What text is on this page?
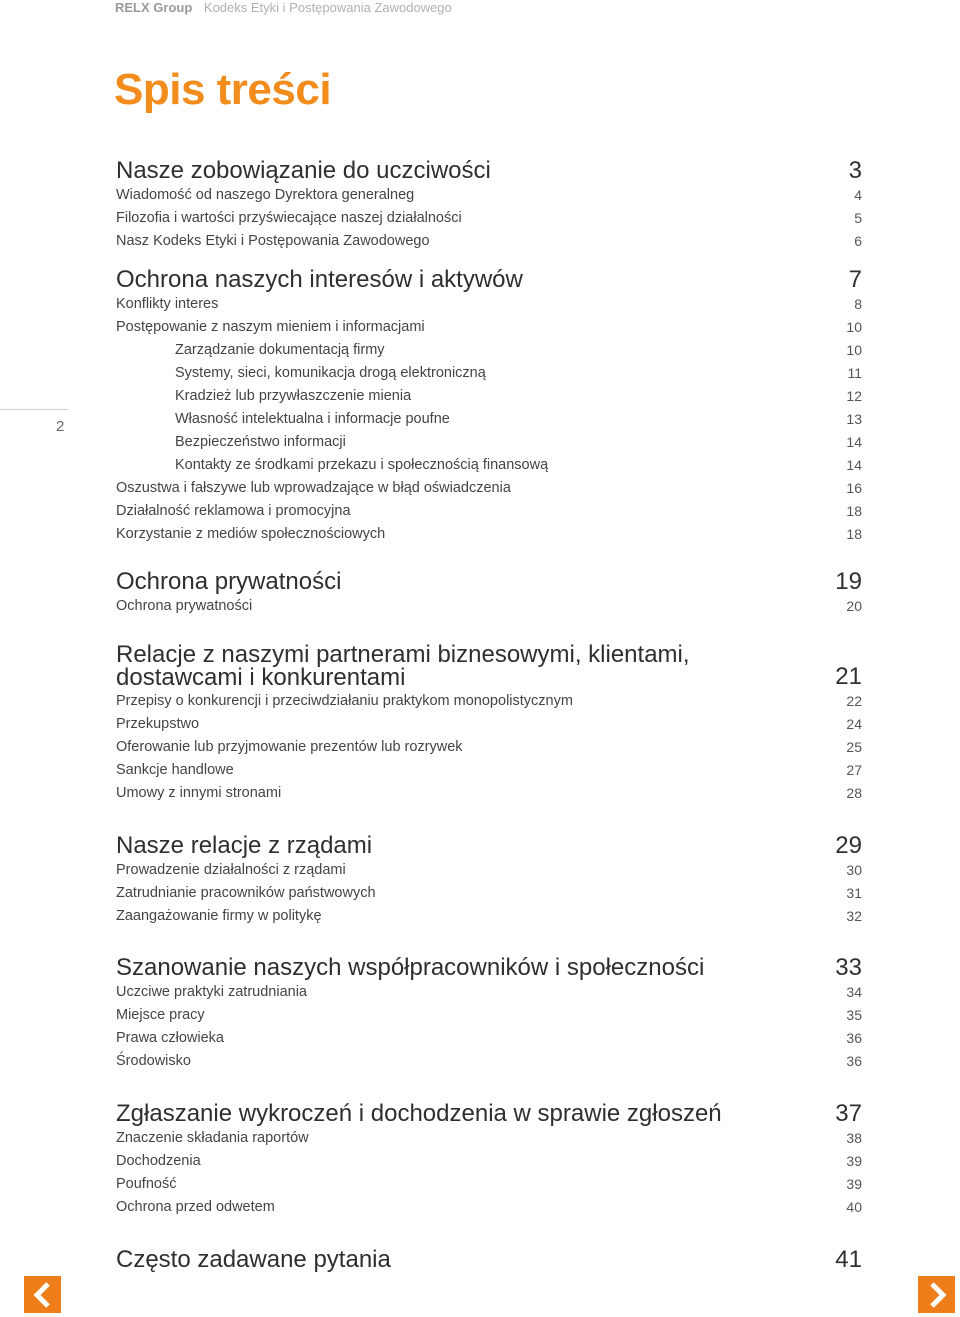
RELX Group Kodeks Etyki i Postępowania Zawodowego
Spis treści
2
Nasze zobowiązanie do uczciwości	3
Wiadomość od naszego Dyrektora generalneg	4
Filozofia i wartości przyświecające naszej działalności	5
Nasz Kodeks Etyki i Postępowania Zawodowego	6
Ochrona naszych interesów i aktywów	7
Konflikty interes	8
Postępowanie z naszym mieniem i informacjami	10
Zarządzanie dokumentacją firmy	10
Systemy, sieci, komunikacja drogą elektroniczną	11
Kradzież lub przywłaszczenie mienia	12
Własność intelektualna i informacje poufne	13
Bezpieczeństwo informacji	14
Kontakty ze środkami przekazu i społecznością finansową	14
Oszustwa i fałszywe lub wprowadzające w błąd oświadczenia	16
Działalność reklamowa i promocyjna	18
Korzystanie z mediów społecznościowych	18
Ochrona prywatności	19
Ochrona prywatności	20
Relacje z naszymi partnerami biznesowymi, klientami,
dostawcami i konkurentami	21
Przepisy o konkurencji i przeciwdziałaniu praktykom monopolistycznym	22
Przekupstwo	24
Oferowanie lub przyjmowanie prezentów lub rozrywek	25
Sankcje handlowe	27
Umowy z innymi stronami	28
Nasze relacje z rządami	29
Prowadzenie działalności z rządami	30
Zatrudnianie pracowników państwowych	31
Zaangażowanie firmy w politykę	32
Szanowanie naszych współpracowników i społeczności	33
Uczciwe praktyki zatrudniania	34
Miejsce pracy	35
Prawa człowieka	36
Środowisko	36
Zgłaszanie wykroczeń i dochodzenia w sprawie zgłoszeń	37
Znaczenie składania raportów	38
Dochodzenia	39
Poufność	39
Ochrona przed odwetem	40
Często zadawane pytania	41
